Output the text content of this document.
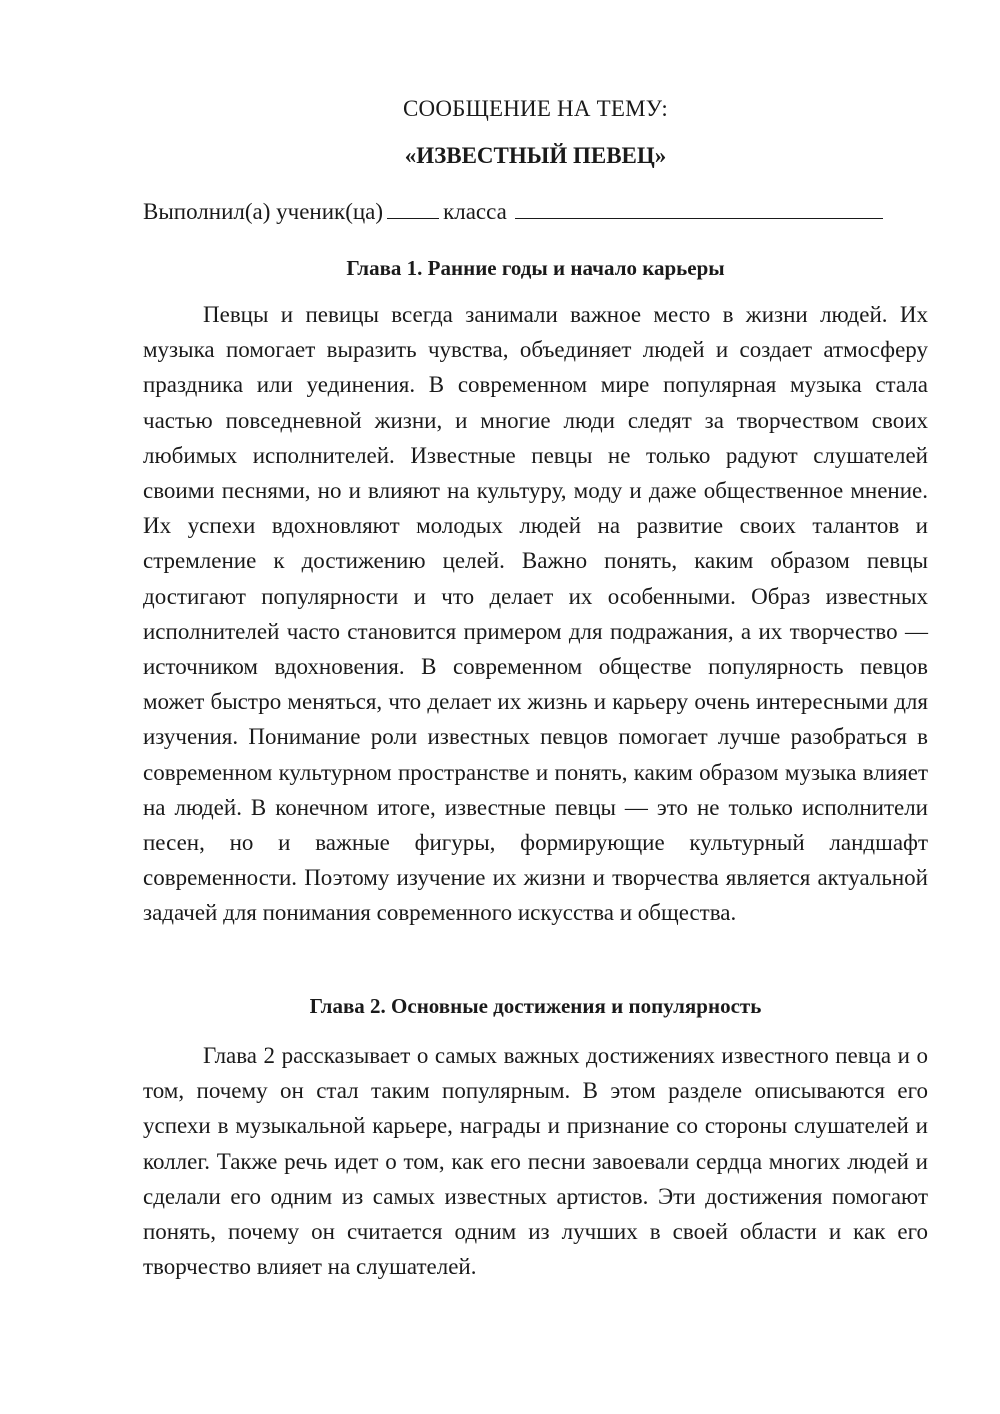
СООБЩЕНИЕ НА ТЕМУ:
«ИЗВЕСТНЫЙ ПЕВЕЦ»
Выполнил(а) ученик(ца)	класса
Глава 1. Ранние годы и начало карьеры

Певцы и певицы всегда занимали важное место в жизни людей. Их музыка помогает выразить чувства, объединяет людей и создает атмосферу праздника или уединения. В современном мире популярная музыка стала частью повседневной жизни, и многие люди следят за творчеством своих любимых исполнителей. Известные певцы не только радуют слушателей своими песнями, но и влияют на культуру, моду и даже общественное мнение. Их успехи вдохновляют молодых людей на развитие своих талантов и стремление к достижению целей. Важно понять, каким образом певцы достигают популярности и что делает их особенными. Образ известных исполнителей часто становится примером для подражания, а их творчество — источником вдохновения. В современном обществе популярность певцов может быстро меняться, что делает их жизнь и карьеру очень интересными для изучения. Понимание роли известных певцов помогает лучше разобраться в современном культурном пространстве и понять, каким образом музыка влияет на людей. В конечном итоге, известные певцы — это не только исполнители песен, но и важные фигуры, формирующие культурный ландшафт современности. Поэтому изучение их жизни и творчества является актуальной задачей для понимания современного искусства и общества.

Глава 2. Основные достижения и популярность

Глава 2 рассказывает о самых важных достижениях известного певца и о том, почему он стал таким популярным. В этом разделе описываются его успехи в музыкальной карьере, награды и признание со стороны слушателей и коллег. Также речь идет о том, как его песни завоевали сердца многих людей и сделали его одним из самых известных артистов. Эти достижения помогают понять, почему он считается одним из лучших в своей области и как его творчество влияет на слушателей.
